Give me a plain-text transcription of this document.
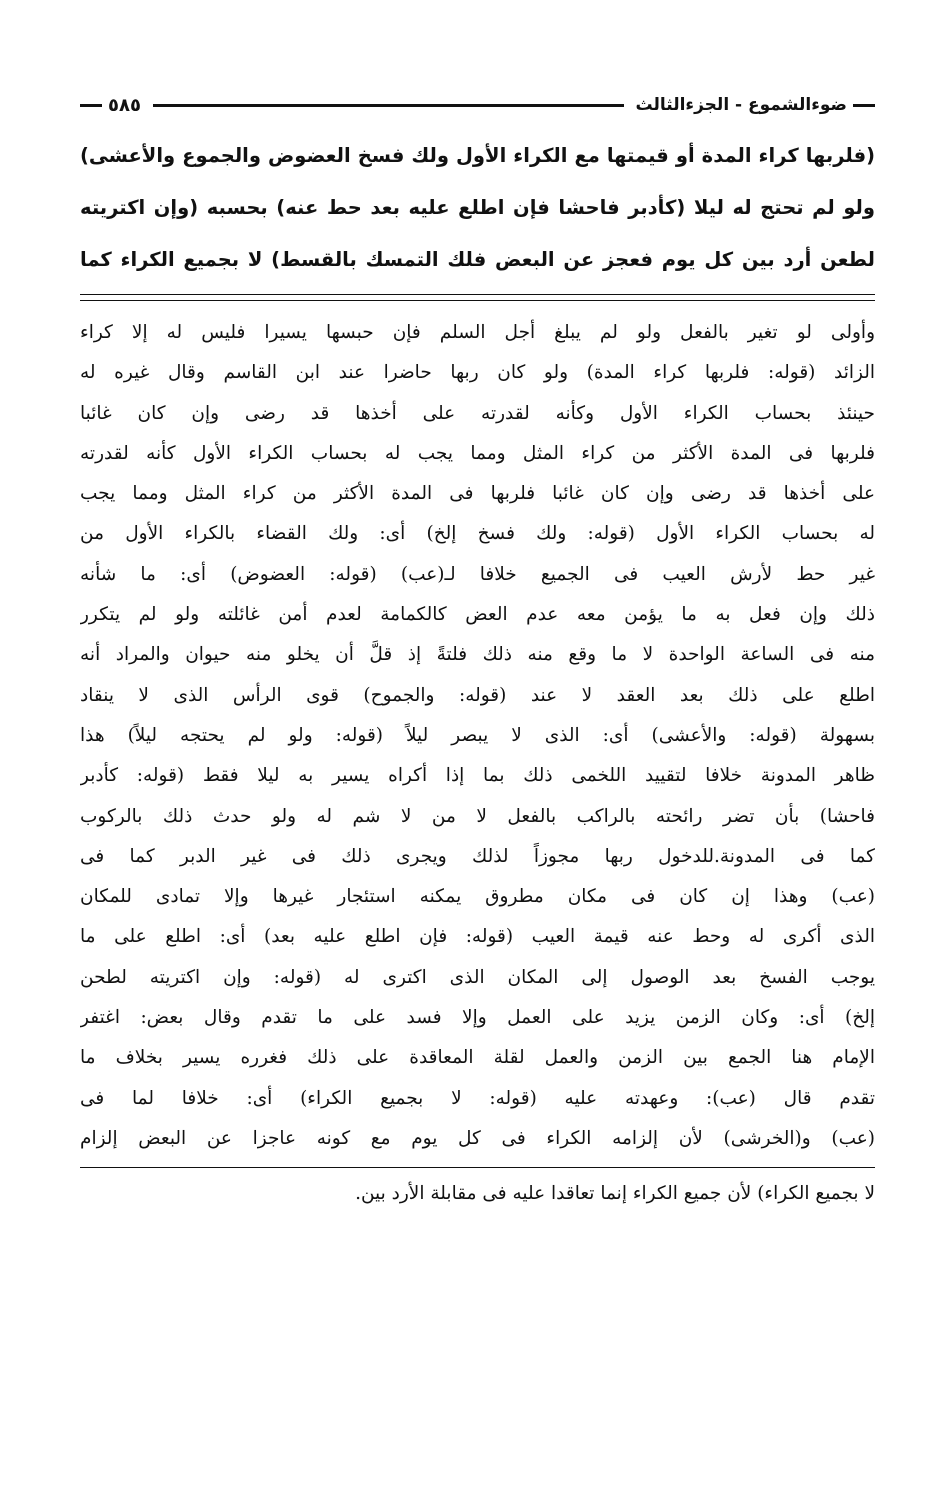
ضوءالشموع - الجزءالثالث
٥٨٥
(فلربها كراء المدة أو قيمتها مع الكراء الأول ولك فسخ العضوض والجموع والأعشى)
ولو لم تحتج له ليلا (كأدبر فاحشا فإن اطلع عليه بعد حط عنه) بحسبه (وإن اكتريته
لطعن أرد بين كل يوم فعجز عن البعض فلك التمسك بالقسط) لا بجميع الكراء كما
وأولى لو تغير بالفعل ولو لم يبلغ أجل السلم فإن حبسها يسيرا فليس له إلا كراء
الزائد (قوله: فلربها كراء المدة) ولو كان ربها حاضرا عند ابن القاسم وقال غيره له
حينئذ بحساب الكراء الأول وكأنه لقدرته على أخذها قد رضى وإن كان غائبا
فلربها فى المدة الأكثر من كراء المثل ومما يجب له بحساب الكراء الأول كأنه لقدرته
على أخذها قد رضى وإن كان غائبا فلربها فى المدة الأكثر من كراء المثل ومما يجب
له بحساب الكراء الأول (قوله: ولك فسخ إلخ) أى: ولك القضاء بالكراء الأول من
غير حط لأرش العيب فى الجميع خلافا لـ(عب) (قوله: العضوض) أى: ما شأنه
ذلك وإن فعل به ما يؤمن معه عدم العض كالكمامة لعدم أمن غائلته ولو لم يتكرر
منه فى الساعة الواحدة لا ما وقع منه ذلك فلتةً إذ قلَّ أن يخلو منه حيوان والمراد أنه
اطلع على ذلك بعد العقد لا عند (قوله: والجموح) قوى الرأس الذى لا ينقاد
بسهولة (قوله: والأعشى) أى: الذى لا يبصر ليلاً (قوله: ولو لم يحتجه ليلاً) هذا
ظاهر المدونة خلافا لتقييد اللخمى ذلك بما إذا أكراه يسير به ليلا فقط (قوله: كأدبر
فاحشا) بأن تضر رائحته بالراكب بالفعل لا من لا شم له ولو حدث ذلك بالركوب
كما فى المدونة.للدخول ربها مجوزاً لذلك ويجرى ذلك فى غير الدبر كما فى
(عب) وهذا إن كان فى مكان مطروق يمكنه استئجار غيرها وإلا تمادى للمكان
الذى أكرى له وحط عنه قيمة العيب (قوله: فإن اطلع عليه بعد) أى: اطلع على ما
يوجب الفسخ بعد الوصول إلى المكان الذى اكترى له (قوله: وإن اكتريته لطحن
إلخ) أى: وكان الزمن يزيد على العمل وإلا فسد على ما تقدم وقال بعض: اغتفر
الإمام هنا الجمع بين الزمن والعمل لقلة المعاقدة على ذلك فغرره يسير بخلاف ما
تقدم قال (عب): وعهدته عليه (قوله: لا بجميع الكراء) أى: خلافا لما فى
(عب) و(الخرشى) لأن إلزامه الكراء فى كل يوم مع كونه عاجزا عن البعض إلزام
لا بجميع الكراء) لأن جميع الكراء إنما تعاقدا عليه فى مقابلة الأرد بين.
